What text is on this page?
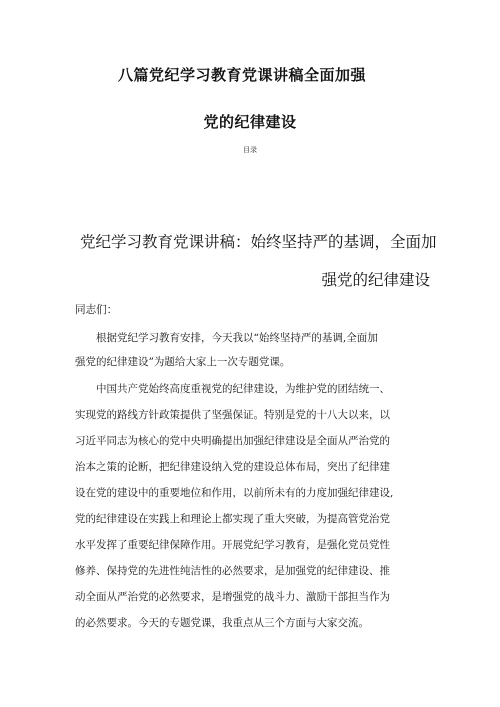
八篇党纪学习教育党课讲稿全面加强
党的纪律建设
目录
党纪学习教育党课讲稿：始终坚持严的基调，全面加
强党的纪律建设
同志们：
根据党纪学习教育安排，今天我以“始终坚持严的基调,全面加
强党的纪律建设”为题给大家上一次专题党课。
中国共产党始终高度重视党的纪律建设，为维护党的团结统一、
实现党的路线方针政策提供了坚强保证。特别是党的十八大以来，以
习近平同志为核心的党中央明确提出加强纪律建设是全面从严治党的
治本之策的论断，把纪律建设纳入党的建设总体布局，突出了纪律建
设在党的建设中的重要地位和作用，以前所未有的力度加强纪律建设,
党的纪律建设在实践上和理论上都实现了重大突破，为提高管党治党
水平发挥了重要纪律保障作用。开展党纪学习教育，是强化党员党性
修养、保持党的先进性纯洁性的必然要求，是加强党的纪律建设、推
动全面从严治党的必然要求，是增强党的战斗力、激励干部担当作为
的必然要求。今天的专题党课，我重点从三个方面与大家交流。
